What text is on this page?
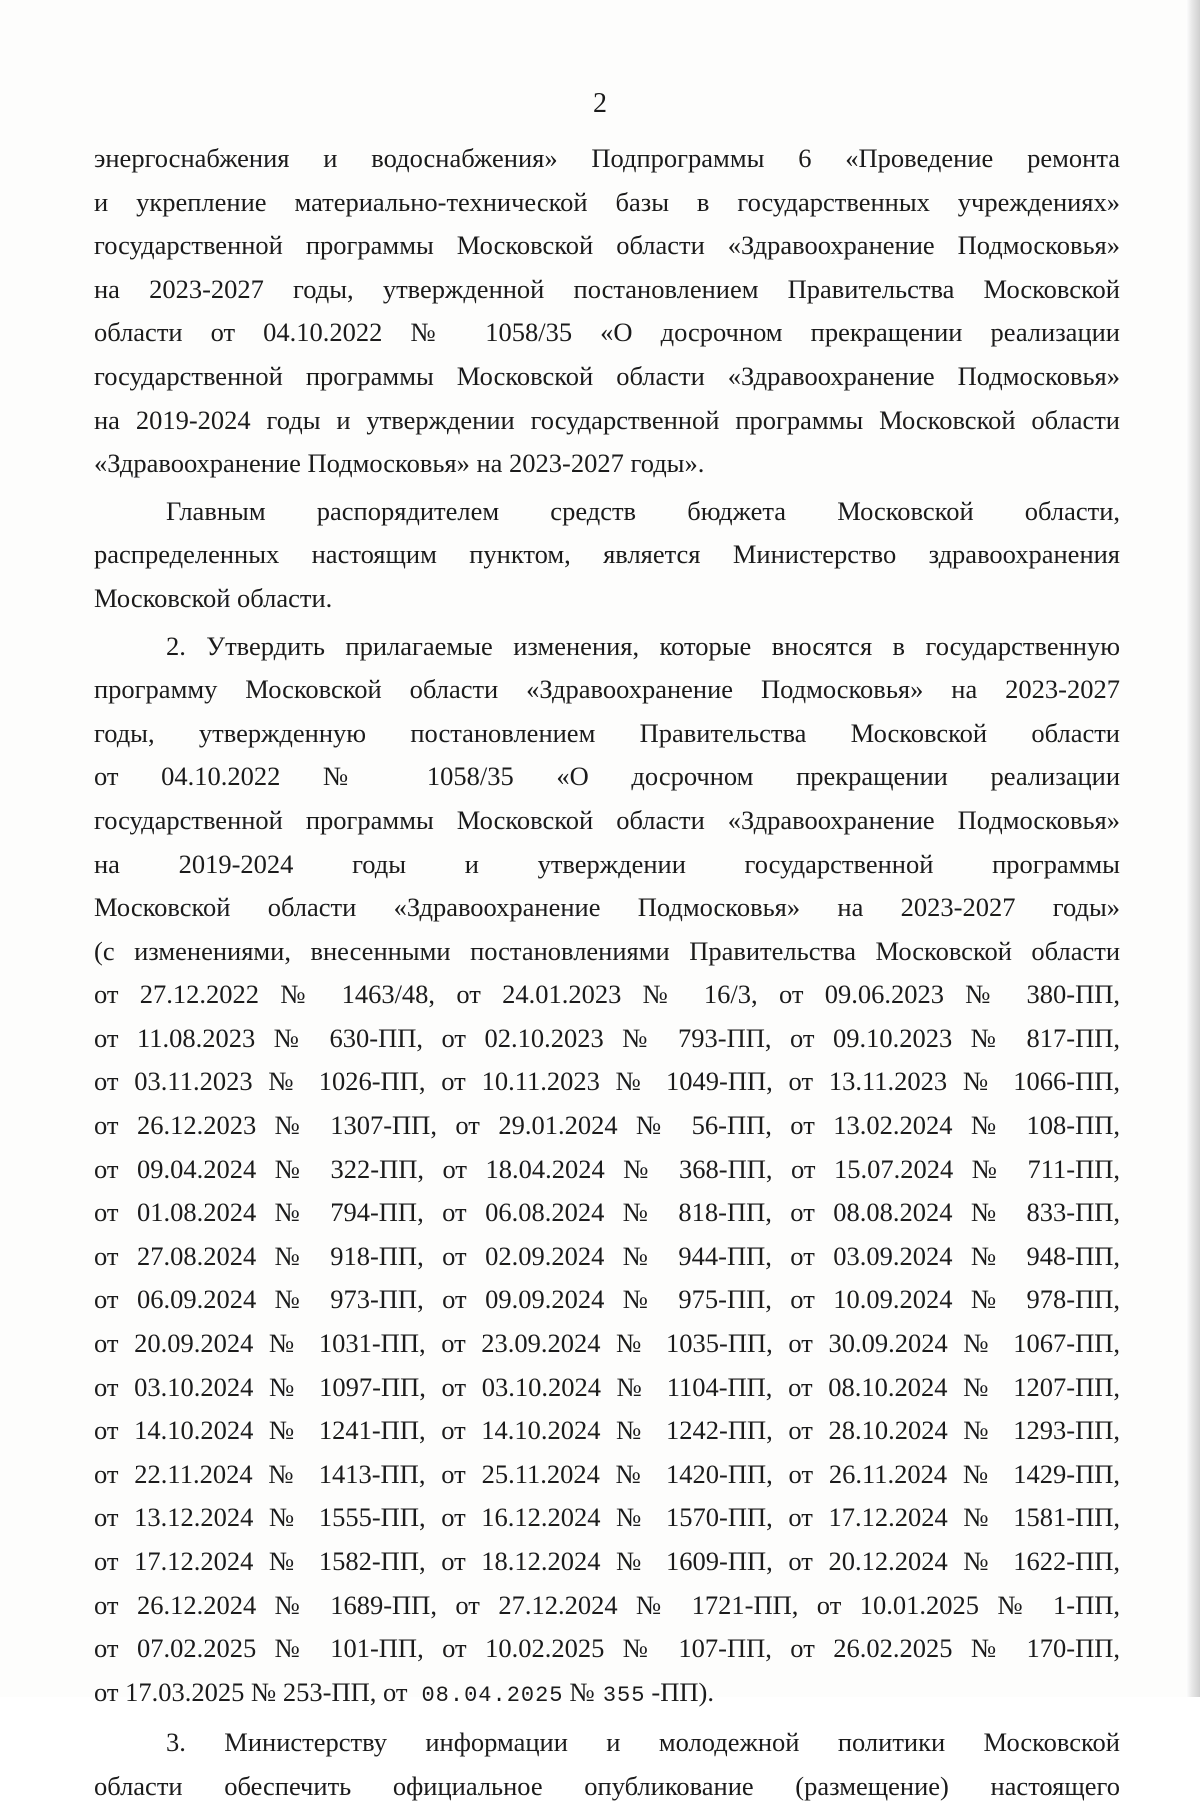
2

энергоснабжения и водоснабжения» Подпрограммы 6 «Проведение ремонта

и укрепление материально-технической базы в государственных учреждениях»

государственной программы Московской области «Здравоохранение Подмосковья»

на 2023-2027 годы, утвержденной постановлением Правительства Московской

области от 04.10.2022 № 1058/35 «О досрочном прекращении реализации

государственной программы Московской области «Здравоохранение Подмосковья»

на 2019-2024 годы и утверждении государственной программы Московской области

«Здравоохранение Подмосковья» на 2023-2027 годы».

Главным распорядителем средств бюджета Московской области,

распределенных настоящим пунктом, является Министерство здравоохранения

Московской области.

2. Утвердить прилагаемые изменения, которые вносятся в государственную

программу Московской области «Здравоохранение Подмосковья» на 2023-2027

годы, утвержденную постановлением Правительства Московской области

от 04.10.2022 № 1058/35 «О досрочном прекращении реализации

государственной программы Московской области «Здравоохранение Подмосковья»

на 2019-2024 годы и утверждении государственной программы

Московской области «Здравоохранение Подмосковья» на 2023-2027 годы»

(с изменениями, внесенными постановлениями Правительства Московской области

от 27.12.2022 № 1463/48, от 24.01.2023 № 16/3, от 09.06.2023 № 380-ПП,

от 11.08.2023 № 630-ПП, от 02.10.2023 № 793-ПП, от 09.10.2023 № 817-ПП,

от 03.11.2023 № 1026-ПП, от 10.11.2023 № 1049-ПП, от 13.11.2023 № 1066-ПП,

от 26.12.2023 № 1307-ПП, от 29.01.2024 № 56-ПП, от 13.02.2024 № 108-ПП,

от 09.04.2024 № 322-ПП, от 18.04.2024 № 368-ПП, от 15.07.2024 № 711-ПП,

от 01.08.2024 № 794-ПП, от 06.08.2024 № 818-ПП, от 08.08.2024 № 833-ПП,

от 27.08.2024 № 918-ПП, от 02.09.2024 № 944-ПП, от 03.09.2024 № 948-ПП,

от 06.09.2024 № 973-ПП, от 09.09.2024 № 975-ПП, от 10.09.2024 № 978-ПП,

от 20.09.2024 № 1031-ПП, от 23.09.2024 № 1035-ПП, от 30.09.2024 № 1067-ПП,

от 03.10.2024 № 1097-ПП, от 03.10.2024 № 1104-ПП, от 08.10.2024 № 1207-ПП,

от 14.10.2024 № 1241-ПП, от 14.10.2024 № 1242-ПП, от 28.10.2024 № 1293-ПП,

от 22.11.2024 № 1413-ПП, от 25.11.2024 № 1420-ПП, от 26.11.2024 № 1429-ПП,

от 13.12.2024 № 1555-ПП, от 16.12.2024 № 1570-ПП, от 17.12.2024 № 1581-ПП,

от 17.12.2024 № 1582-ПП, от 18.12.2024 № 1609-ПП, от 20.12.2024 № 1622-ПП,

от 26.12.2024 № 1689-ПП, от 27.12.2024 № 1721-ПП, от 10.01.2025 № 1-ПП,

от 07.02.2025 № 101-ПП, от 10.02.2025 № 107-ПП, от 26.02.2025 № 170-ПП,

от 17.03.2025 № 253-ПП, от 08.04.2025 № 355 -ПП).

3. Министерству информации и молодежной политики Московской

области обеспечить официальное опубликование (размещение) настоящего
